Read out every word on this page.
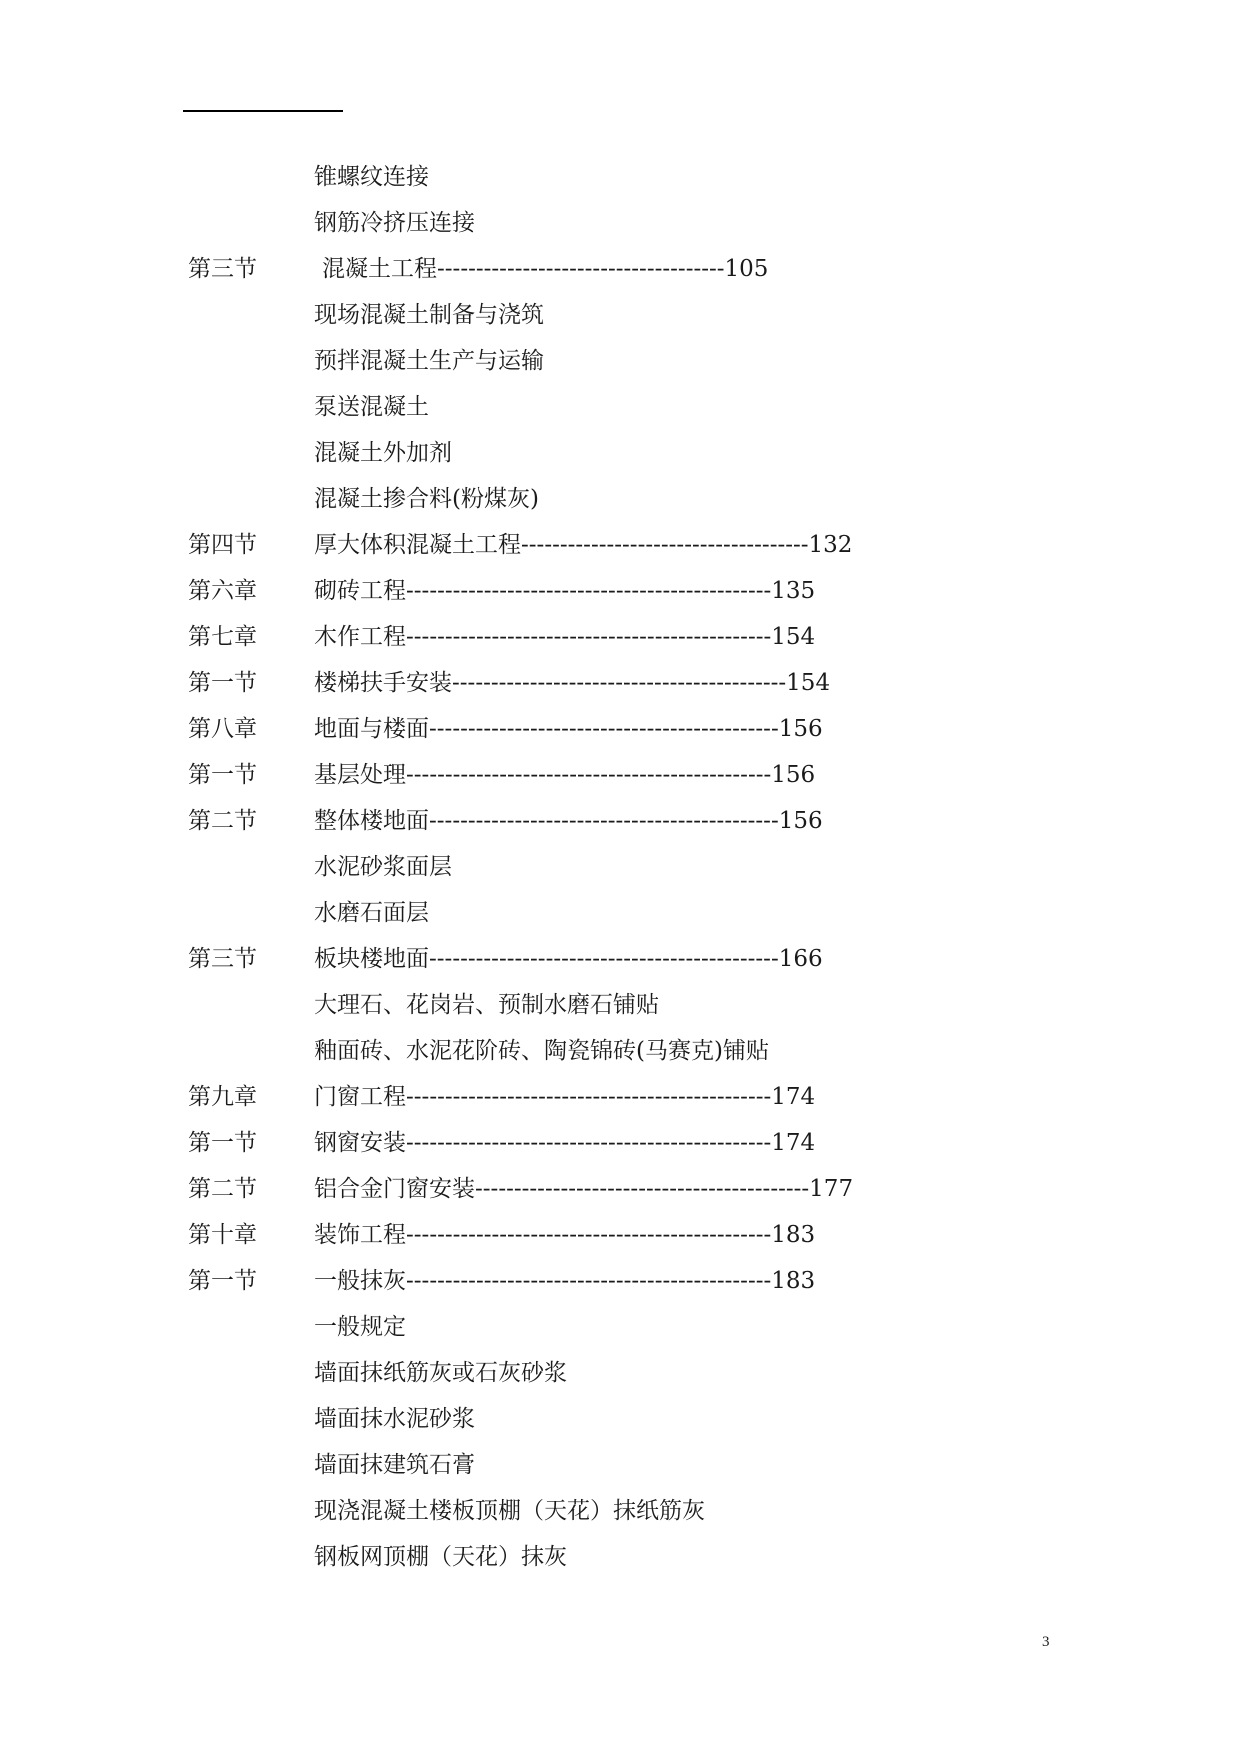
锥螺纹连接
钢筋冷挤压连接
第三节	混凝土工程-------------------------------------105
现场混凝土制备与浇筑
预拌混凝土生产与运输
泵送混凝土
混凝土外加剂
混凝土掺合料(粉煤灰)
第四节 厚大体积混凝土工程-------------------------------------132
第六章 砌砖工程-----------------------------------------------135
第七章 木作工程-----------------------------------------------154
第一节 楼梯扶手安装-------------------------------------------154
第八章 地面与楼面---------------------------------------------156
第一节 基层处理-----------------------------------------------156
第二节 整体楼地面---------------------------------------------156
水泥砂浆面层
水磨石面层
第三节 板块楼地面---------------------------------------------166
大理石、花岗岩、预制水磨石铺贴
釉面砖、水泥花阶砖、陶瓷锦砖(马赛克)铺贴
第九章 门窗工程-----------------------------------------------174
第一节 钢窗安装-----------------------------------------------174
第二节 铝合金门窗安装-------------------------------------------177
第十章 装饰工程-----------------------------------------------183
第一节 一般抹灰-----------------------------------------------183
一般规定
墙面抹纸筋灰或石灰砂浆
墙面抹水泥砂浆
墙面抹建筑石膏
现浇混凝土楼板顶棚（天花）抹纸筋灰
钢板网顶棚（天花）抹灰
3
